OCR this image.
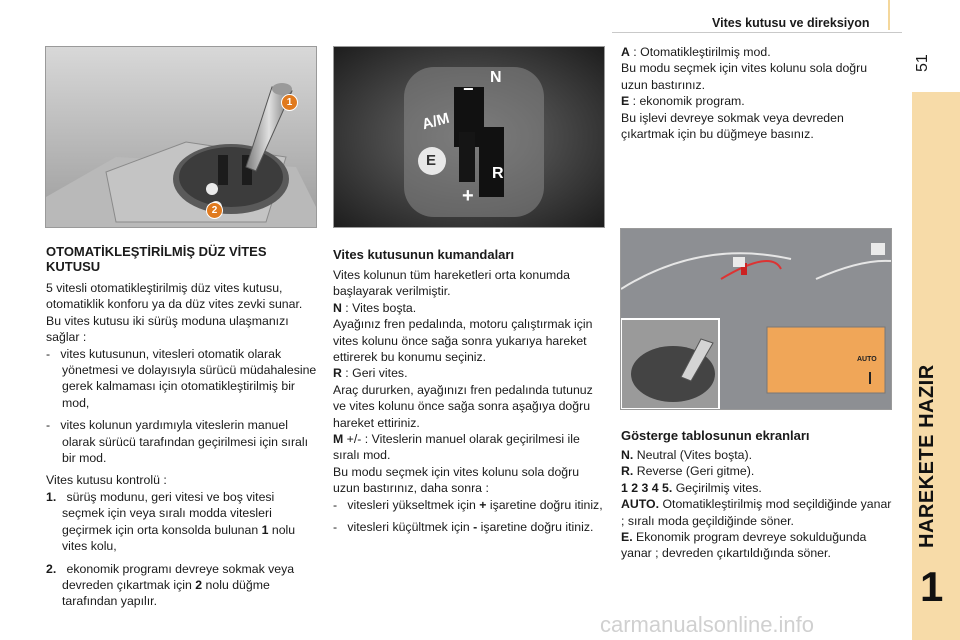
Vites kutusu ve direksiyon
51
HAREKETE HAZIR
1
1
2
A/M
N
−
+
R
E
AUTO
OTOMATİKLEŞTİRİLMİŞ DÜZ VİTES KUTUSU

5 vitesli otomatikleştirilmiş düz vites kutusu, otomatiklik konforu ya da düz vites zevki sunar. Bu vites kutusu iki sürüş moduna ulaşmanızı sağlar :

-   vites kutusunun, vitesleri otomatik olarak yönetmesi ve dolayısıyla sürücü müdahalesine gerek kalmaması için otomatikleştirilmiş bir mod,

-   vites kolunun yardımıyla viteslerin manuel olarak sürücü tarafından geçirilmesi için sıralı bir mod.

Vites kutusu kontrolü :

1. sürüş modunu, geri vitesi ve boş vitesi seçmek için veya sıralı modda vitesleri geçirmek için orta konsolda bulunan 1 nolu vites kolu,

2. ekonomik programı devreye sokmak veya devreden çıkartmak için 2 nolu düğme tarafından yapılır.

Vites kutusunun kumandaları

Vites kolunun tüm hareketleri orta konumda başlayarak verilmiştir.

N : Vites boşta.

Ayağınız fren pedalında, motoru çalıştırmak için vites kolunu önce sağa sonra yukarıya hareket ettirerek bu konumu seçiniz.

R : Geri vites.

Araç dururken, ayağınızı fren pedalında tutunuz ve vites kolunu önce sağa sonra aşağıya doğru hareket ettiriniz.

M +/- : Viteslerin manuel olarak geçirilmesi ile sıralı mod.

Bu modu seçmek için vites kolunu sola doğru uzun bastırınız, daha sonra :

-   vitesleri yükseltmek için + işaretine doğru itiniz,

-   vitesleri küçültmek için - işaretine doğru itiniz.

A : Otomatikleştirilmiş mod.

Bu modu seçmek için vites kolunu sola doğru uzun bastırınız.

E : ekonomik program.

Bu işlevi devreye sokmak veya devreden çıkartmak için bu düğmeye basınız.

Gösterge tablosunun ekranları

N. Neutral (Vites boşta).

R. Reverse (Geri gitme).

1 2 3 4 5. Geçirilmiş vites.

AUTO. Otomatikleştirilmiş mod seçildiğinde yanar ; sıralı moda geçildiğinde söner.

E. Ekonomik program devreye sokulduğunda yanar ; devreden çıkartıldığında söner.

carmanualsonline.info
